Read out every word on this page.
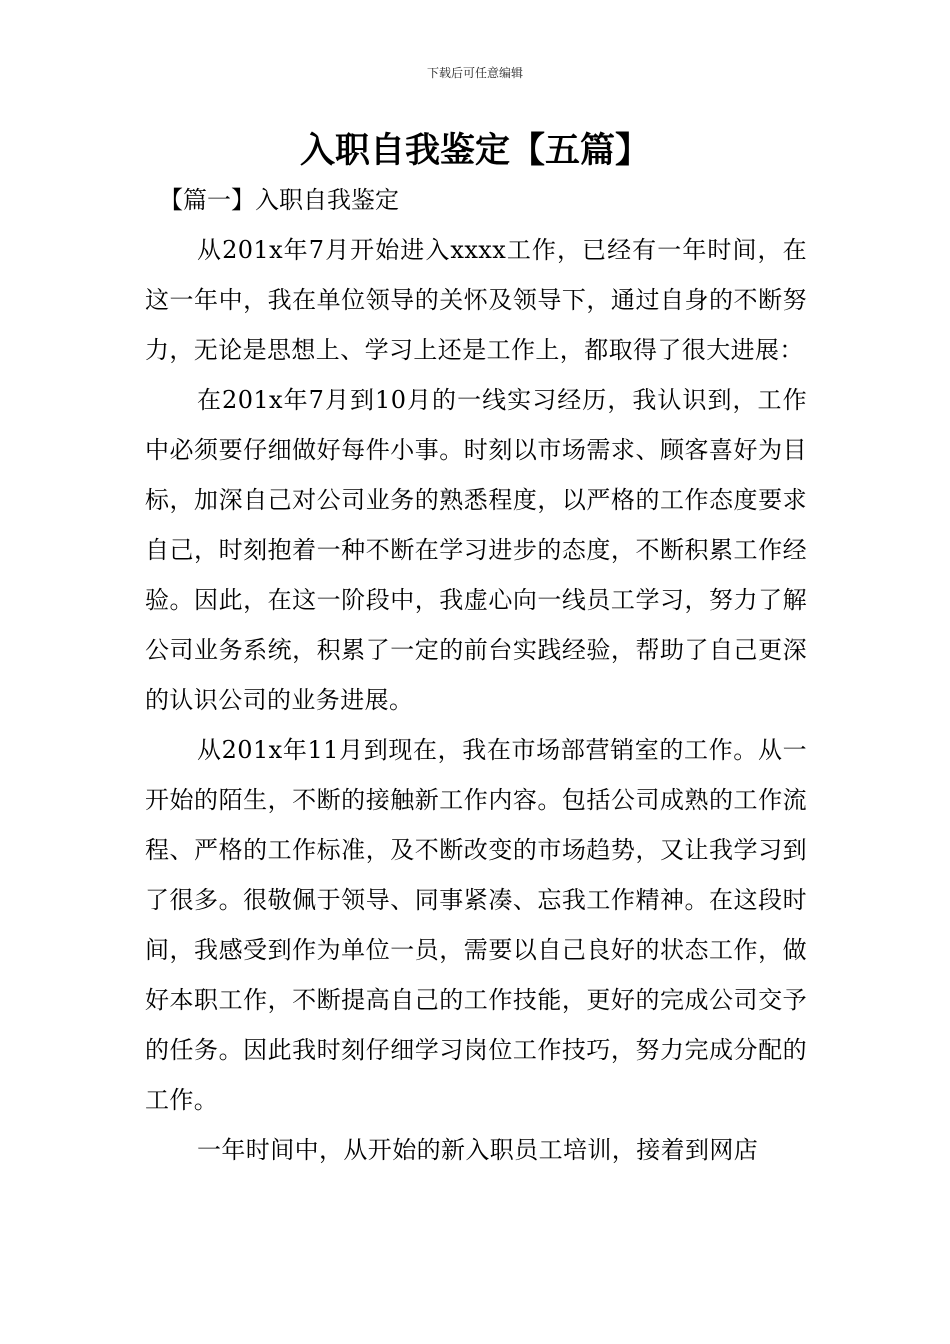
下载后可任意编辑
入职自我鉴定【五篇】
【篇一】入职自我鉴定

从201x年7月开始进入xxxx工作，已经有一年时间，在这一年中，我在单位领导的关怀及领导下，通过自身的不断努力，无论是思想上、学习上还是工作上，都取得了很大进展：

在201x年7月到10月的一线实习经历，我认识到，工作中必须要仔细做好每件小事。时刻以市场需求、顾客喜好为目标，加深自己对公司业务的熟悉程度，以严格的工作态度要求自己，时刻抱着一种不断在学习进步的态度，不断积累工作经验。因此，在这一阶段中，我虚心向一线员工学习，努力了解公司业务系统，积累了一定的前台实践经验，帮助了自己更深的认识公司的业务进展。

从201x年11月到现在，我在市场部营销室的工作。从一开始的陌生，不断的接触新工作内容。包括公司成熟的工作流程、严格的工作标准，及不断改变的市场趋势，又让我学习到了很多。很敬佩于领导、同事紧凑、忘我工作精神。在这段时间，我感受到作为单位一员，需要以自己良好的状态工作，做好本职工作，不断提高自己的工作技能，更好的完成公司交予的任务。因此我时刻仔细学习岗位工作技巧，努力完成分配的工作。

一年时间中，从开始的新入职员工培训，接着到网店
